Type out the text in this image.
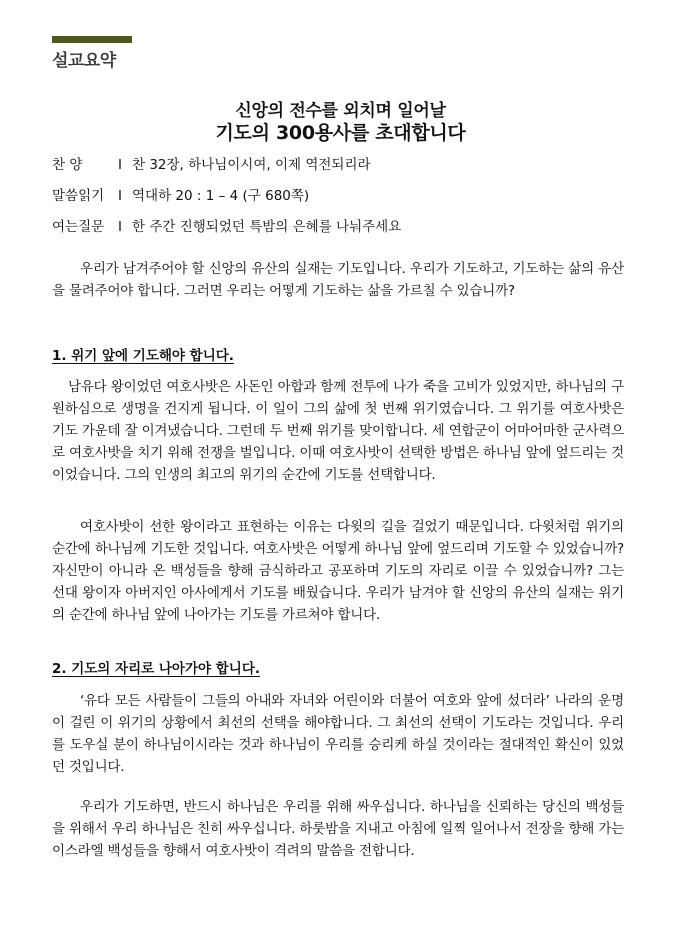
설교요약
신앙의 전수를 외치며 일어날
기도의 300용사를 초대합니다
찬 양	I 찬 32장, 하나님이시여, 이제 역전되리라
말씀읽기 I 역대하 20 : 1 – 4 (구 680쪽)
여는질문 I 한 주간 진행되었던 특밤의 은혜를 나눠주세요

우리가 남겨주어야 할 신앙의 유산의 실재는 기도입니다. 우리가 기도하고, 기도하는 삶의 유산을 물려주어야 합니다. 그러면 우리는 어떻게 기도하는 삶을 가르칠 수 있습니까?

1. 위기 앞에 기도해야 합니다.

남유다 왕이었던 여호사밧은 사돈인 아합과 함께 전투에 나가 죽을 고비가 있었지만, 하나님의 구원하심으로 생명을 건지게 됩니다. 이 일이 그의 삶에 첫 번째 위기였습니다. 그 위기를 여호사밧은 기도 가운데 잘 이겨냈습니다. 그런데 두 번째 위기를 맞이합니다. 세 연합군이 어마어마한 군사력으로 여호사밧을 치기 위해 전쟁을 벌입니다. 이때 여호사밧이 선택한 방법은 하나님 앞에 엎드리는 것이었습니다. 그의 인생의 최고의 위기의 순간에 기도를 선택합니다.

여호사밧이 선한 왕이라고 표현하는 이유는 다윗의 길을 걸었기 때문입니다. 다윗처럼 위기의 순간에 하나님께 기도한 것입니다. 여호사밧은 어떻게 하나님 앞에 엎드리며 기도할 수 있었습니까? 자신만이 아니라 온 백성들을 향해 금식하라고 공포하며 기도의 자리로 이끌 수 있었습니까? 그는 선대 왕이자 아버지인 아사에게서 기도를 배웠습니다. 우리가 남겨야 할 신앙의 유산의 실재는 위기의 순간에 하나님 앞에 나아가는 기도를 가르쳐야 합니다.

2. 기도의 자리로 나아가야 합니다.

‘유다 모든 사람들이 그들의 아내와 자녀와 어린이와 더불어 여호와 앞에 섰더라’ 나라의 운명이 걸린 이 위기의 상황에서 최선의 선택을 해야합니다. 그 최선의 선택이 기도라는 것입니다. 우리를 도우실 분이 하나님이시라는 것과 하나님이 우리를 승리케 하실 것이라는 절대적인 확신이 있었던 것입니다.

우리가 기도하면, 반드시 하나님은 우리를 위해 싸우십니다. 하나님을 신뢰하는 당신의 백성들을 위해서 우리 하나님은 친히 싸우십니다. 하룻밤을 지내고 아침에 일찍 일어나서 전장을 향해 가는 이스라엘 백성들을 향해서 여호사밧이 격려의 말씀을 전합니다.
